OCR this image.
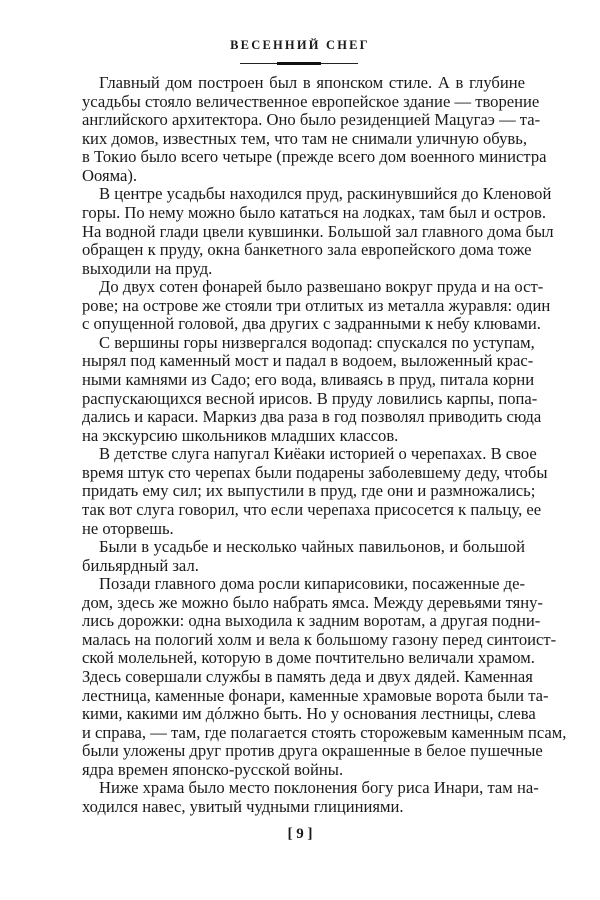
ВЕСЕННИЙ СНЕГ
Главный дом построен был в японском стиле. А в глубине
усадьбы стояло величественное европейское здание — творение
английского архитектора. Оно было резиденцией Мацугаэ — та-
ких домов, известных тем, что там не снимали уличную обувь,
в Токио было всего четыре (прежде всего дом военного министра
Оояма).
В центре усадьбы находился пруд, раскинувшийся до Кленовой
горы. По нему можно было кататься на лодках, там был и остров.
На водной глади цвели кувшинки. Большой зал главного дома был
обращен к пруду, окна банкетного зала европейского дома тоже
выходили на пруд.
До двух сотен фонарей было развешано вокруг пруда и на ост-
рове; на острове же стояли три отлитых из металла журавля: один
с опущенной головой, два других с задранными к небу клювами.
С вершины горы низвергался водопад: спускался по уступам,
нырял под каменный мост и падал в водоем, выложенный крас-
ными камнями из Садо; его вода, вливаясь в пруд, питала корни
распускающихся весной ирисов. В пруду ловились карпы, попа-
дались и караси. Маркиз два раза в год позволял приводить сюда
на экскурсию школьников младших классов.
В детстве слуга напугал Киёаки историей о черепахах. В свое
время штук сто черепах были подарены заболевшему деду, чтобы
придать ему сил; их выпустили в пруд, где они и размножались;
так вот слуга говорил, что если черепаха присосется к пальцу, ее
не оторвешь.
Были в усадьбе и несколько чайных павильонов, и большой
бильярдный зал.
Позади главного дома росли кипарисовики, посаженные де-
дом, здесь же можно было набрать ямса. Между деревьями тяну-
лись дорожки: одна выходила к задним воротам, а другая подни-
малась на пологий холм и вела к большому газону перед синтоист-
ской молельней, которую в доме почтительно величали храмом.
Здесь совершали службы в память деда и двух дядей. Каменная
лестница, каменные фонари, каменные храмовые ворота были та-
кими, какими им дóлжно быть. Но у основания лестницы, слева
и справа, — там, где полагается стоять сторожевым каменным псам,
были уложены друг против друга окрашенные в белое пушечные
ядра времен японско-русской войны.
Ниже храма было место поклонения богу риса Инари, там на-
ходился навес, увитый чудными глициниями.
[ 9 ]
